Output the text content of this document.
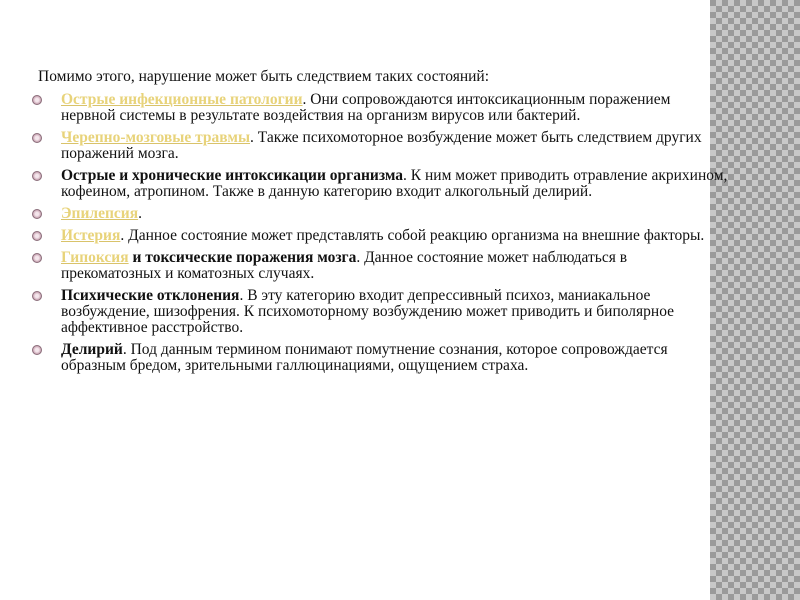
Помимо этого, нарушение может быть следствием таких состояний:

Острые инфекционные патологии. Они сопровождаются интоксикационным поражением нервной системы в результате воздействия на организм вирусов или бактерий.
Черепно-мозговые травмы. Также психомоторное возбуждение может быть следствием других поражений мозга.
Острые и хронические интоксикации организма. К ним может приводить отравление акрихином, кофеином, атропином. Также в данную категорию входит алкогольный делирий.
Эпилепсия.
Истерия. Данное состояние может представлять собой реакцию организма на внешние факторы.
Гипоксия и токсические поражения мозга. Данное состояние может наблюдаться в прекоматозных и коматозных случаях.
Психические отклонения. В эту категорию входит депрессивный психоз, маниакальное возбуждение, шизофрения. К психомоторному возбуждению может приводить и биполярное аффективное расстройство.
Делирий. Под данным термином понимают помутнение сознания, которое сопровождается образным бредом, зрительными галлюцинациями, ощущением страха.
